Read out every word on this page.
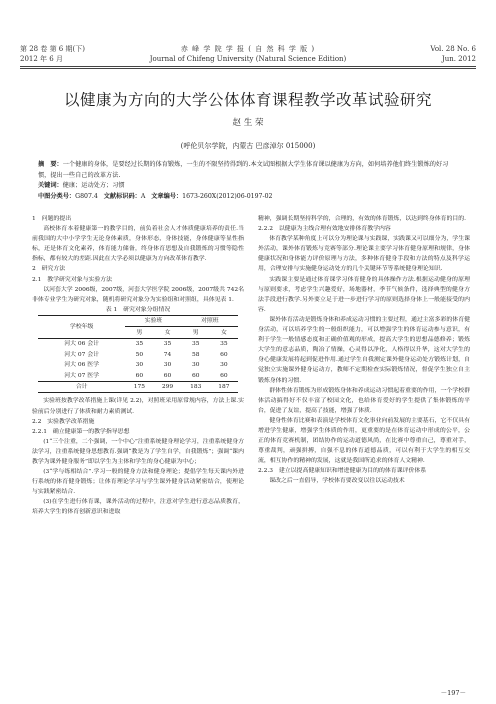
第 28 卷 第 6 期(下)
2012 年 6 月
赤 峰 学 院 学 报 ( 自 然 科 学 版 )
Journal of Chifeng University (Natural Science Edition)
Vol. 28 No. 6
Jun. 2012
以健康为方向的大学公体体育课程教学改革试验研究
赵 生 荣
(呼伦贝尔学院，内蒙古 巴彦淖尔 015000)

摘　要：一个健康的身体，是要经过长期的体育锻炼，一生的不限坚持得到的.本文试图根据大学生体育课以健康为方向，如何培养他们终生锻炼的好习惯，提出一些自己的改革方法.

关键词：健康；运动处方；习惯

中图分类号：G807.4 文献标识码：A 文章编号：1673-260X(2012)06-0197-02

1　问题的提出

高校体育本着健康第一的教学目的，前负着社会人才体质健康培养的责任.当前我国的大中小学学生无论身体素质，身体形态，身体技能，身体健康等显性指标，还是体育文化素养，体育能力储备，终身体育思想及自我锻炼的习惯等隐性指标，都有较大的差距.因此在大学必须以健康为方向改革体育教学.

2　研究方法

2.1　教学研究对象与实验方法

以河套大学 2006级，2007级，河套大学医学院 2006级，2007级共 742名非体专业学生为研究对象，随机将研究对象分为实验组和对照组，具体见表 1.

表 1　研究对象分组情况

学校年级	实验班		对照班	
	男	女	男	女
河大 06 会计	35	35	35	35
河大 07 会计	50	74	58	60
河大 06 医学	30	30	30	30
河大 07 医学	60	60	60	60
合计	175	299	183	187

实验班按教学改革措施上课(详见 2.2)，对照班采用原常规内容，方法上课.实验前后分别进行了体质和耐力素质测试.

2.2　实验教学改革措施

2.2.1　确立健康第一的教学指导思想

(1“三个注重，二个强调，一个中心”注重系统健身理论学习，注重系统健身方法学习，注重系统健身思想教育.强调“教是为了学生自学，自我锻炼”；强调“课内教学为课外健身服务”即以学生为主体和学生的身心健康为中心；

(3“学与练相结合”.学习一般的健身方法和健身理论；提倡学生每天课内外进行系统的体育健身锻炼；让体育理论学习与学生课外健身活动紧密结合，使理论与实践紧密结合.

(3)在学生进行体育课，课外活动的过程中，注意对学生进行意志品质教育，培养大学生的体育创新意识和进取

精神，强调长期坚持科学的，合理的，有效的体育锻炼，以达到终身体育的目的.

2.2.2　以健康为主线合理有效地安排体育教学内容

体育教学某种角度上可以分为理论课与实践课，实践课又可以细分为，学生课外活动，课外体育锻炼与竞赛等部分.理论课主要学习体育健身原理和规律，身体健康状况和身体能力评价原理与方法，多种体育健身手段和方法的特点及科学运用，合理安排与实施健身运动处方的几个关键环节等系统健身理论知识.

实践课主要是通过体育课学习体育健身的具体操作方法.根据运动健身的原理与原则要求，考虑学生兴趣爱好，场地器材，季节气候条件，选择典型的健身方法手段进行教学.另外要立足于进一步进行学习的原则选择身体上一般能接受的内容.

课外体育活动是锻炼身体和养成运动习惯的主要过程，通过主富多彩的体育健身活动，可以培养学生的一般组织能力，可以增强学生的体育运动参与意识，有利于学生一般情感态度和正确价值观的形成，提高大学生的思想品德修养；锻炼大学生的意志品质，陶冶了情操，心灵得以净化，人格得以升华，这对大学生的身心健康发展将起到促进作用.通过学生自我测定课外健身运动处方锻炼计划，自觉独立实施课外健身运动方，教师不定期检查实际锻炼情况，督促学生独立自主锻炼身体的习惯.

群体性体育锻炼为形成锻炼身体和养成运动习惯起着重要的作用，一个学校群体活动搞得好不仅丰富了校园文化，也给体育爱好的学生提供了集体锻炼的平台，促进了友谊，提高了技能，增强了体质.

健身性体育比赛和表演是学校体育文化事业向前发展的主要基石，它不仅具有增进学生健康，增强学生体质的作用，更重要的是在体育运动中形成的公平，公正的体育竞赛机制，团结协作的运动道德风尚，在比赛中尊重自己，尊重对手，尊重裁判，顽强拼搏，自强不息的体育道德品质，可以有利于大学生的相互交流，相互协作的精神的发展，这就是我国所追求的体育人文精神.

2.2.3　建立以提高健康知识和增进健康为目的的体育课评价体系

课改之后一直倡导，学校体育要改变以往以运动技术

－197－
